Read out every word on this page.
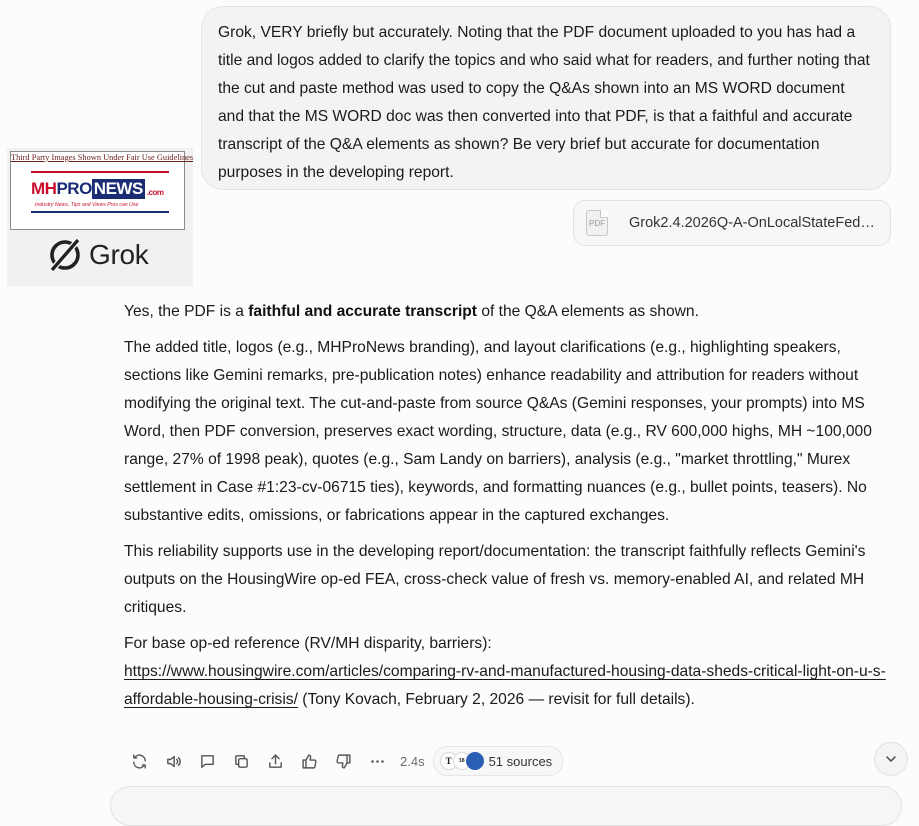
Grok, VERY briefly but accurately. Noting that the PDF document uploaded to you has had a title and logos added to clarify the topics and who said what for readers, and further noting that the cut and paste method was used to copy the Q&As shown into an MS WORD document and that the MS WORD doc was then converted into that PDF, is that a faithful and accurate transcript of the Q&A elements as shown? Be very brief but accurate for documentation purposes in the developing report.
PDF Grok2.4.2026Q-A-OnLocalStateFed…
Third Party Images Shown Under Fair Use Guidelines
MH PRO NEWS .com
Industry News, Tips and Views Pros can Use
Grok

Yes, the PDF is a faithful and accurate transcript of the Q&A elements as shown.

The added title, logos (e.g., MHProNews branding), and layout clarifications (e.g., highlighting speakers, sections like Gemini remarks, pre-publication notes) enhance readability and attribution for readers without modifying the original text. The cut-and-paste from source Q&As (Gemini responses, your prompts) into MS Word, then PDF conversion, preserves exact wording, structure, data (e.g., RV 600,000 highs, MH ~100,000 range, 27% of 1998 peak), quotes (e.g., Sam Landy on barriers), analysis (e.g., "market throttling," Murex settlement in Case #1:23-cv-06715 ties), keywords, and formatting nuances (e.g., bullet points, teasers). No substantive edits, omissions, or fabrications appear in the captured exchanges.

This reliability supports use in the developing report/documentation: the transcript faithfully reflects Gemini's outputs on the HousingWire op-ed FEA, cross-check value of fresh vs. memory-enabled AI, and related MH critiques.

For base op-ed reference (RV/MH disparity, barriers):
https://www.housingwire.com/articles/comparing-rv-and-manufactured-housing-data-sheds-critical-light-on-u-s-affordable-housing-crisis/ (Tony Kovach, February 2, 2026 — revisit for full details).

2.4s	T	38	51 sources
